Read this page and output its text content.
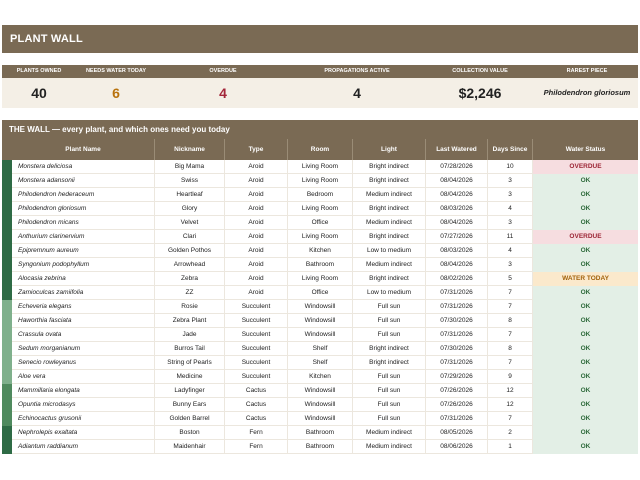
PLANT WALL
PLANTS OWNED	NEEDS WATER TODAY	OVERDUE	PROPAGATIONS ACTIVE	COLLECTION VALUE	RAREST PIECE
40	6	4	4	$2,246	Philodendron gloriosum
THE WALL — every plant, and which ones need you today
Plant Name	Nickname	Type	Room	Light	Last Watered	Days Since	Water Status
Monstera deliciosa	Big Mama	Aroid	Living Room	Bright indirect	07/28/2026	10	OVERDUE
Monstera adansonii	Swiss	Aroid	Living Room	Bright indirect	08/04/2026	3	OK
Philodendron hederaceum	Heartleaf	Aroid	Bedroom	Medium indirect	08/04/2026	3	OK
Philodendron gloriosum	Glory	Aroid	Living Room	Bright indirect	08/03/2026	4	OK
Philodendron micans	Velvet	Aroid	Office	Medium indirect	08/04/2026	3	OK
Anthurium clarinervium	Clari	Aroid	Living Room	Bright indirect	07/27/2026	11	OVERDUE
Epipremnum aureum	Golden Pothos	Aroid	Kitchen	Low to medium	08/03/2026	4	OK
Syngonium podophyllum	Arrowhead	Aroid	Bathroom	Medium indirect	08/04/2026	3	OK
Alocasia zebrina	Zebra	Aroid	Living Room	Bright indirect	08/02/2026	5	WATER TODAY
Zamioculcas zamiifolia	ZZ	Aroid	Office	Low to medium	07/31/2026	7	OK
Echeveria elegans	Rosie	Succulent	Windowsill	Full sun	07/31/2026	7	OK
Haworthia fasciata	Zebra Plant	Succulent	Windowsill	Full sun	07/30/2026	8	OK
Crassula ovata	Jade	Succulent	Windowsill	Full sun	07/31/2026	7	OK
Sedum morganianum	Burros Tail	Succulent	Shelf	Bright indirect	07/30/2026	8	OK
Senecio rowleyanus	String of Pearls	Succulent	Shelf	Bright indirect	07/31/2026	7	OK
Aloe vera	Medicine	Succulent	Kitchen	Full sun	07/29/2026	9	OK
Mammillaria elongata	Ladyfinger	Cactus	Windowsill	Full sun	07/26/2026	12	OK
Opuntia microdasys	Bunny Ears	Cactus	Windowsill	Full sun	07/26/2026	12	OK
Echinocactus grusonii	Golden Barrel	Cactus	Windowsill	Full sun	07/31/2026	7	OK
Nephrolepis exaltata	Boston	Fern	Bathroom	Medium indirect	08/05/2026	2	OK
Adiantum raddianum	Maidenhair	Fern	Bathroom	Medium indirect	08/06/2026	1	OK
